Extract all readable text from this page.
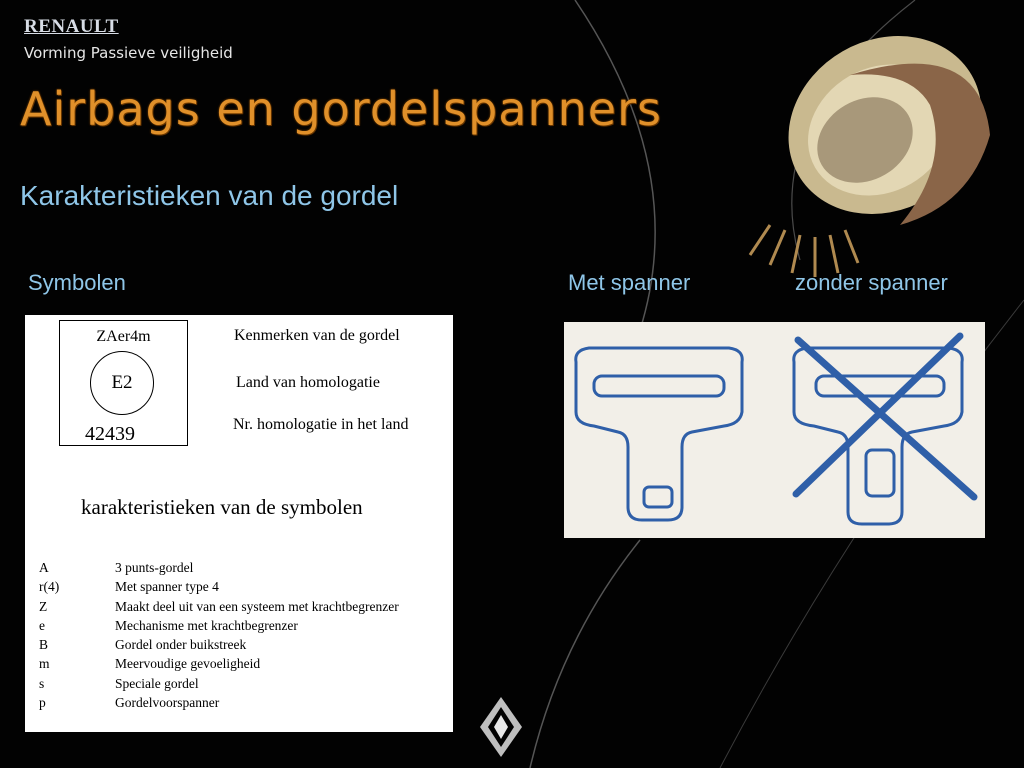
RENAULT
Vorming Passieve veiligheid
Airbags en gordelspanners
Karakteristieken van de gordel
Symbolen	Met spanner	zonder spanner
ZAer4m
E2
42439
Kenmerken van de gordel
Land van homologatie
Nr. homologatie in het land
karakteristieken van de symbolen
A	3 punts-gordel
r(4)	Met spanner type 4
Z	Maakt deel uit van een systeem met krachtbegrenzer
e	Mechanisme met krachtbegrenzer
B	Gordel onder buikstreek
m	Meervoudige gevoeligheid
s	Speciale gordel
p	Gordelvoorspanner
